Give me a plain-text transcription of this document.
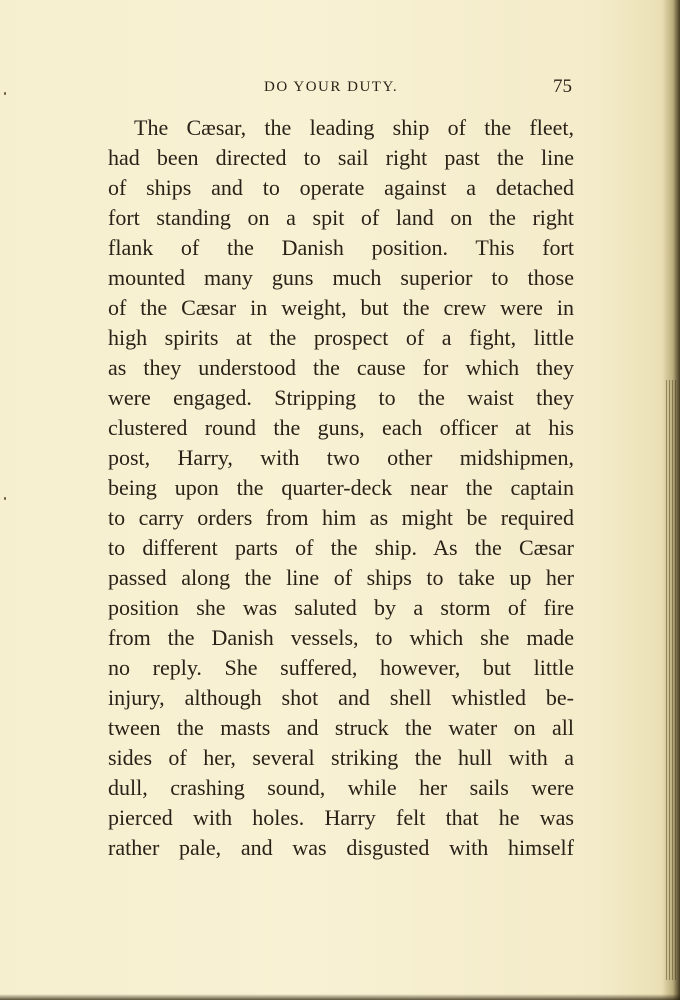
DO YOUR DUTY.	75
The Cæsar, the leading ship of the fleet,
had been directed to sail right past the line
of ships and to operate against a detached
fort standing on a spit of land on the right
flank of the Danish position. This fort
mounted many guns much superior to those
of the Cæsar in weight, but the crew were in
high spirits at the prospect of a fight, little
as they understood the cause for which they
were engaged. Stripping to the waist they
clustered round the guns, each officer at his
post, Harry, with two other midshipmen,
being upon the quarter-deck near the captain
to carry orders from him as might be required
to different parts of the ship. As the Cæsar
passed along the line of ships to take up her
position she was saluted by a storm of fire
from the Danish vessels, to which she made
no reply. She suffered, however, but little
injury, although shot and shell whistled be-
tween the masts and struck the water on all
sides of her, several striking the hull with a
dull, crashing sound, while her sails were
pierced with holes. Harry felt that he was
rather pale, and was disgusted with himself
